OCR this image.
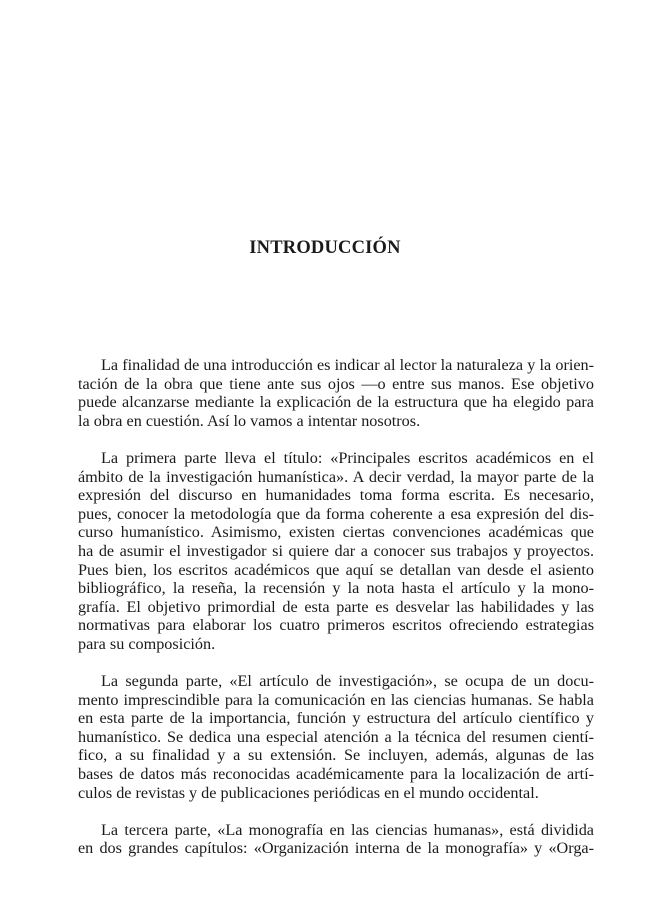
INTRODUCCIÓN
La finalidad de una introducción es indicar al lector la naturaleza y la orien-
tación de la obra que tiene ante sus ojos —o entre sus manos. Ese objetivo
puede alcanzarse mediante la explicación de la estructura que ha elegido para
la obra en cuestión. Así lo vamos a intentar nosotros.
La primera parte lleva el título: «Principales escritos académicos en el
ámbito de la investigación humanística». A decir verdad, la mayor parte de la
expresión del discurso en humanidades toma forma escrita. Es necesario,
pues, conocer la metodología que da forma coherente a esa expresión del dis-
curso humanístico. Asimismo, existen ciertas convenciones académicas que
ha de asumir el investigador si quiere dar a conocer sus trabajos y proyectos.
Pues bien, los escritos académicos que aquí se detallan van desde el asiento
bibliográfico, la reseña, la recensión y la nota hasta el artículo y la mono-
grafía. El objetivo primordial de esta parte es desvelar las habilidades y las
normativas para elaborar los cuatro primeros escritos ofreciendo estrategias
para su composición.
La segunda parte, «El artículo de investigación», se ocupa de un docu-
mento imprescindible para la comunicación en las ciencias humanas. Se habla
en esta parte de la importancia, función y estructura del artículo científico y
humanístico. Se dedica una especial atención a la técnica del resumen cientí-
fico, a su finalidad y a su extensión. Se incluyen, además, algunas de las
bases de datos más reconocidas académicamente para la localización de artí-
culos de revistas y de publicaciones periódicas en el mundo occidental.
La tercera parte, «La monografía en las ciencias humanas», está dividida
en dos grandes capítulos: «Organización interna de la monografía» y «Orga-
